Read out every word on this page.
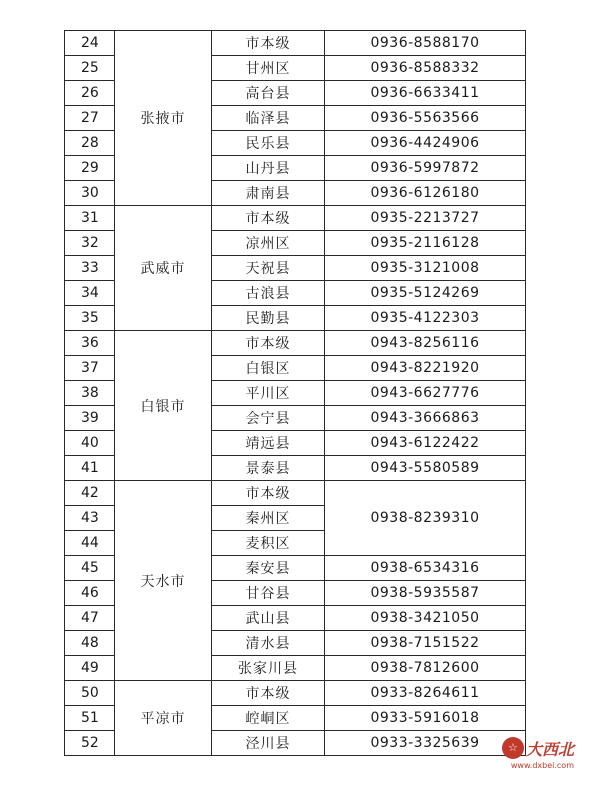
24	张掖市	市本级	0936-8588170
25		甘州区	0936-8588332
26		高台县	0936-6633411
27		临泽县	0936-5563566
28		民乐县	0936-4424906
29		山丹县	0936-5997872
30		肃南县	0936-6126180
31	武威市	市本级	0935-2213727
32		凉州区	0935-2116128
33		天祝县	0935-3121008
34		古浪县	0935-5124269
35		民勤县	0935-4122303
36	白银市	市本级	0943-8256116
37		白银区	0943-8221920
38		平川区	0943-6627776
39		会宁县	0943-3666863
40		靖远县	0943-6122422
41		景泰县	0943-5580589
42	天水市	市本级	0938-8239310
43		秦州区	
44		麦积区	
45		秦安县	0938-6534316
46		甘谷县	0938-5935587
47		武山县	0938-3421050
48		清水县	0938-7151522
49		张家川县	0938-7812600
50	平凉市	市本级	0933-8264611
51		崆峒区	0933-5916018
52		泾川县	0933-3325639	☆ 大西北
www.dxbei.com
